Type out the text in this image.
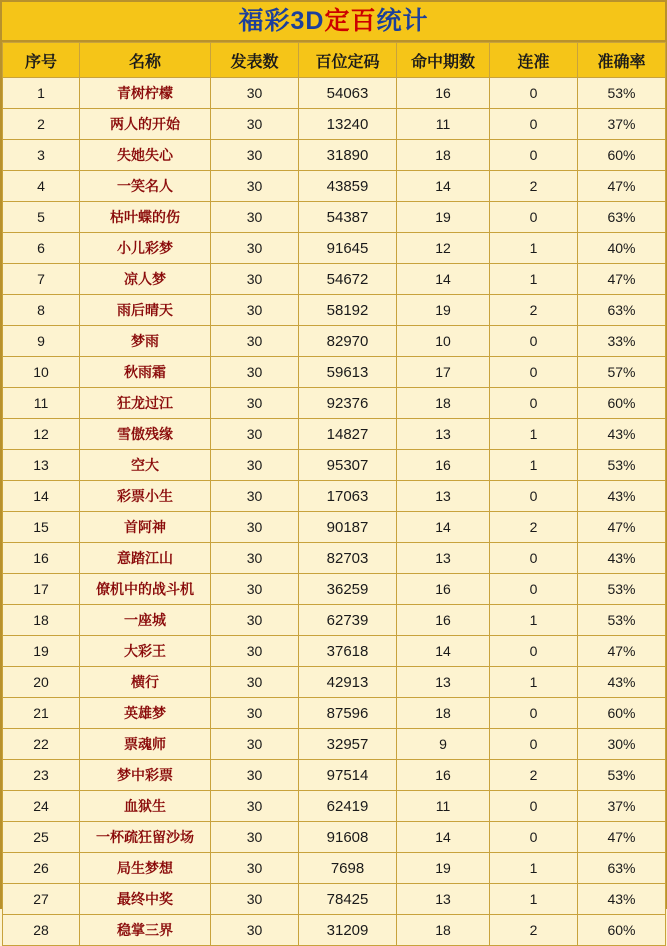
福彩3D定百统计
序号	名称	发表数	百位定码	命中期数	连准	准确率
1	青树柠檬	30	54063	16	0	53%
2	两人的开始	30	13240	11	0	37%
3	失她失心	30	31890	18	0	60%
4	一笑名人	30	43859	14	2	47%
5	枯叶蝶的伤	30	54387	19	0	63%
6	小儿彩梦	30	91645	12	1	40%
7	凉人梦	30	54672	14	1	47%
8	雨后晴天	30	58192	19	2	63%
9	梦雨	30	82970	10	0	33%
10	秋雨霜	30	59613	17	0	57%
11	狂龙过江	30	92376	18	0	60%
12	雪傲残缘	30	14827	13	1	43%
13	空大	30	95307	16	1	53%
14	彩票小生	30	17063	13	0	43%
15	首阿神	30	90187	14	2	47%
16	意踏江山	30	82703	13	0	43%
17	僚机中的战斗机	30	36259	16	0	53%
18	一座城	30	62739	16	1	53%
19	大彩王	30	37618	14	0	47%
20	横行	30	42913	13	1	43%
21	英雄梦	30	87596	18	0	60%
22	票魂师	30	32957	9	0	30%
23	梦中彩票	30	97514	16	2	53%
24	血狱生	30	62419	11	0	37%
25	一杯疏狂留沙场	30	91608	14	0	47%
26	局生梦想	30	7698	19	1	63%
27	最终中奖	30	78425	13	1	43%
28	稳掌三界	30	31209	18	2	60%
